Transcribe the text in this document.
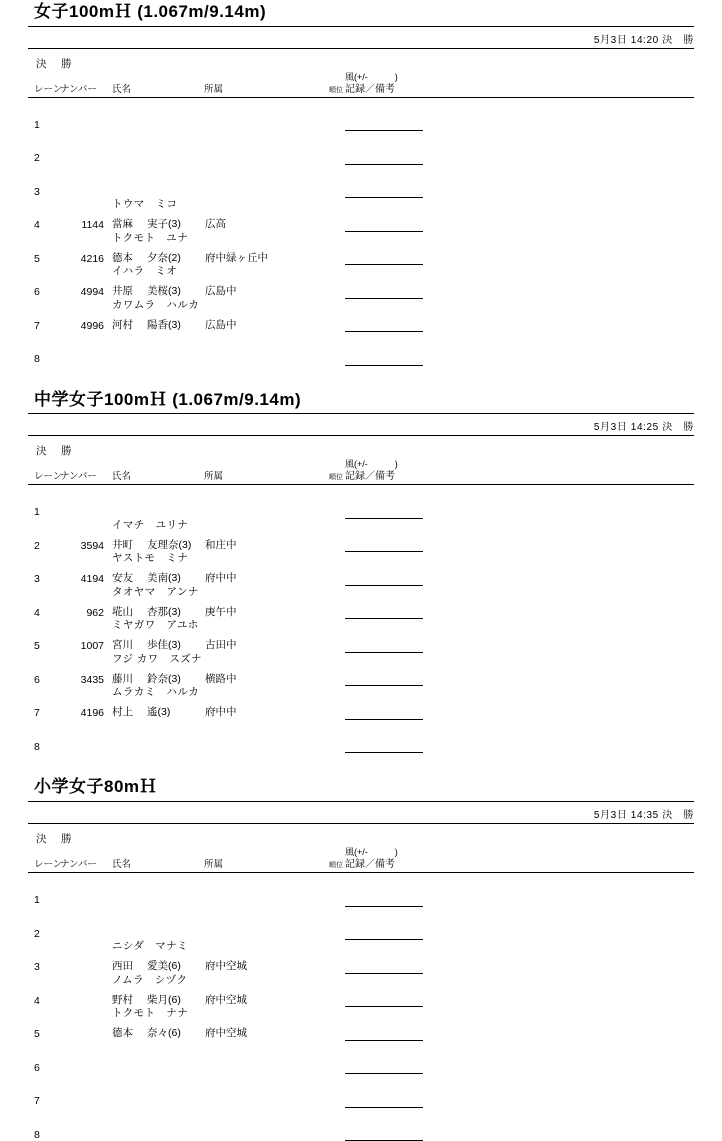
女子100mＨ (1.067m/9.14m)
5月3日 14:20 決　勝
決　勝
レーン	ナンバー	氏名	所属	順位	風(+/-　　　)
記録／備考	

1						

2						

3						
		トウマ　ミコ				
4	1144	當麻 実子(3)	広高			
		トクモト　ユナ				
5	4216	德本 夕奈(2)	府中緑ヶ丘中			
		イハラ　ミオ				
6	4994	井原 美桜(3)	広島中			
		カワムラ　ハルカ				
7	4996	河村 陽香(3)	広島中			

8						
中学女子100mＨ (1.067m/9.14m)
5月3日 14:25 決　勝
決　勝
レーン	ナンバー	氏名	所属	順位	風(+/-　　　)
記録／備考	

1						
		イマチ　ユリナ				
2	3594	井町 友理奈(3)	和庄中			
		ヤストモ　ミナ				
3	4194	安友 美南(3)	府中中			
		タオヤマ　アンナ				
4	962	埖山 杏那(3)	庚午中			
		ミヤガワ　アユホ				
5	1007	宮川 歩佳(3)	古田中			
		フジ カワ　スズナ				
6	3435	藤川 鈴奈(3)	横路中			
		ムラカミ　ハルカ				
7	4196	村上 遙(3)	府中中			

8						
小学女子80mＨ
5月3日 14:35 決　勝
決　勝
レーン	ナンバー	氏名	所属	順位	風(+/-　　　)
記録／備考	

1						

2						
		ニシダ　マナミ				
3		西田 愛美(6)	府中空城			
		ノムラ　シヅク				
4		野村 柴月(6)	府中空城			
		トクモト　ナナ				
5		德本 奈々(6)	府中空城			

6						

7						

8						
